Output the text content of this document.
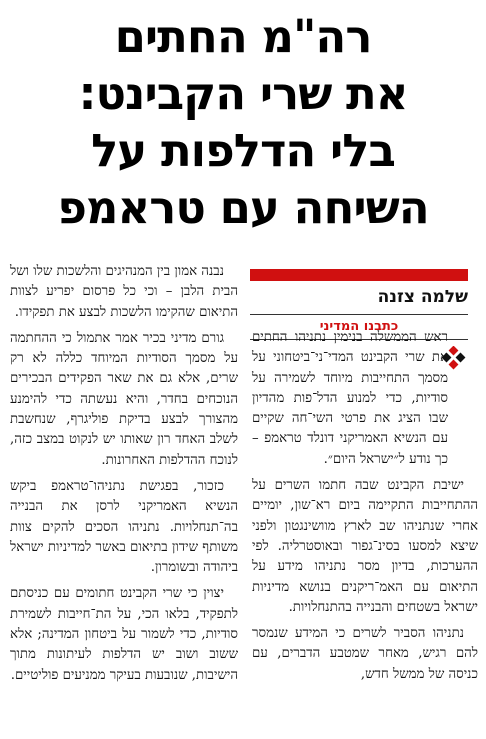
רה"מ החתים
את שרי הקבינט:
בלי הדלפות על
השיחה עם טראמפ
שלמה צזנה
כתבנו המדיני

ראש הממשלה בנימין נתניהו החתים את שרי הקבינט המדי־ני־ביטחוני על מסמך התחייבות מיוחד לשמירה על סודיות, כדי למנוע הדל־פות מהדיון שבו הציג את פרטי השי־חה שקיים עם הנשיא האמריקני דונלד טראמפ – כך נודע ל״ישראל היום״.

ישיבת הקבינט שבה חתמו השרים על ההתחייבות התקיימה ביום רא־שון, יומיים אחרי שנתניהו שב לארץ מוושינגטון ולפני שיצא למסעו בסינ־גפור ובאוסטרליה. לפי ההערכות, בדיון מסר נתניהו מידע על התיאום עם האמ־ריקנים בנושא מדיניות ישראל בשטחים והבנייה בהתנחלויות.

נתניהו הסביר לשרים כי המידע שנמסר להם רגיש, מאחר שמטבע הדברים, עם כניסה של ממשל חדש,

נבנה אמון בין המנהיגים והלשכות שלו ושל הבית הלבן – וכי כל פרסום יפריע לצוות התיאום שהקימו הלשכות לבצע את תפקידו.

גורם מדיני בכיר אמר אתמול כי ההחתמה על מסמך הסודיות המיוחד כללה לא רק שרים, אלא גם את שאר הפקידים הבכירים הנוכחים בחדר, והיא נעשתה כדי להימנע מהצורך לבצע בדיקת פוליגרף, שנחשבת לשלב האחד רון שאותו יש לנקוט במצב כזה, לנוכח ההדלפות האחרונות.

כזכור, בפגישת נתניהו־טראמפ ביקש הנשיא האמריקני לרסן את הבנייה בה־תנחלויות. נתניהו הסכים להקים צוות משותף שידון בתיאום באשר למדיניות ישראל ביהודה ובשומרון.

יצוין כי שרי הקבינט חתומים עם כניסתם לתפקיד, בלאו הכי, על הת־חייבות לשמירת סודיות, כדי לשמור על ביטחון המדינה; אלא ששוב ושוב יש הדלפות לעיתונות מתוך הישיבות, שנובעות בעיקר ממניעים פוליטיים.
